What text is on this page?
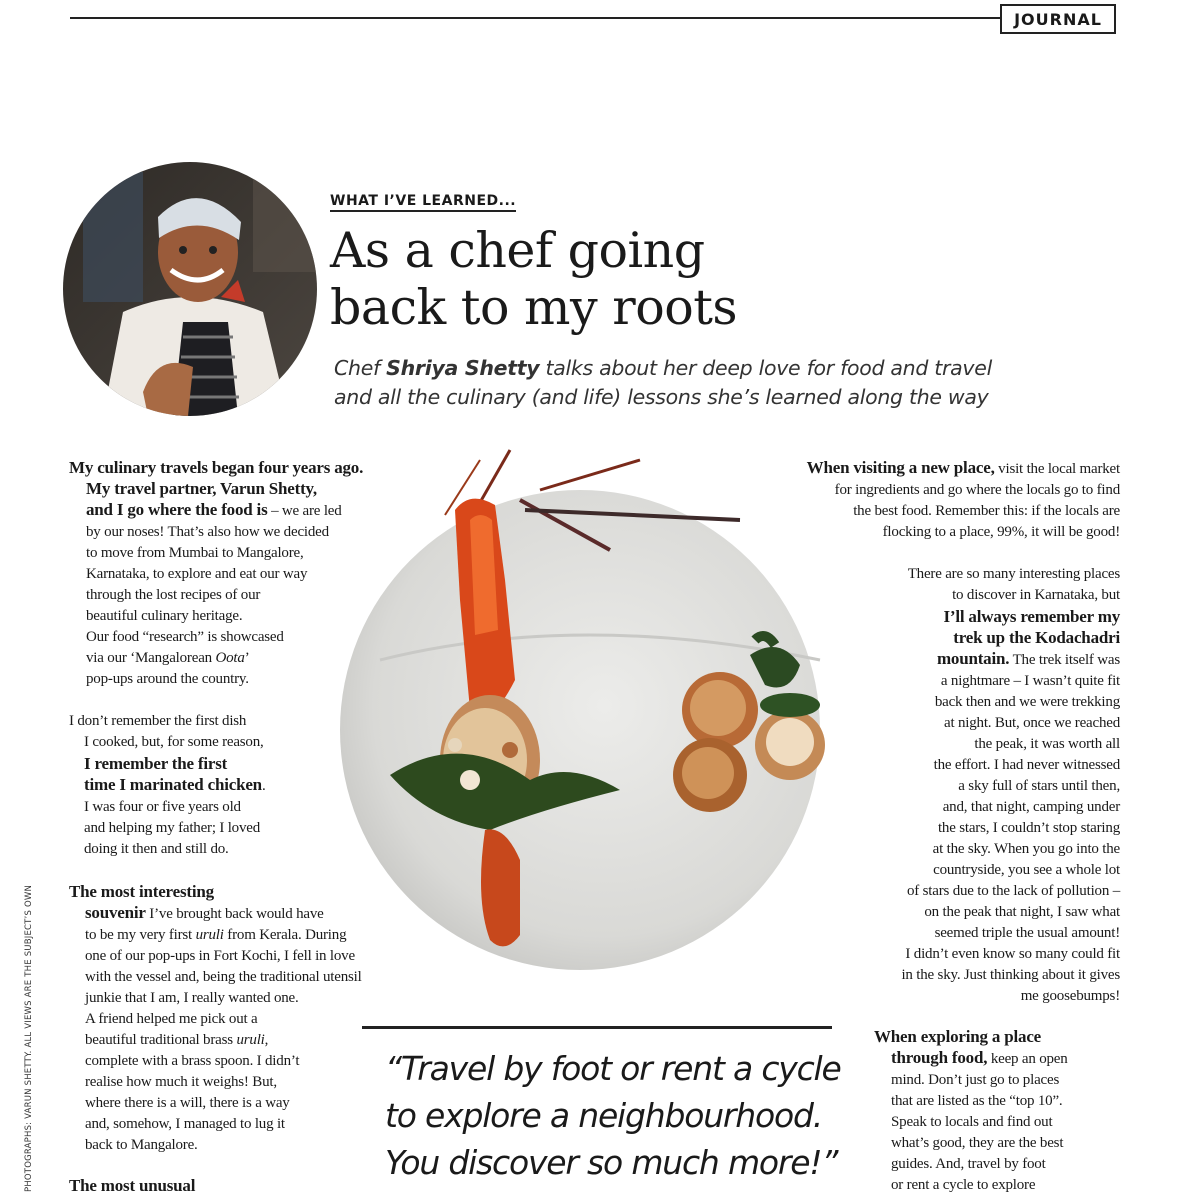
JOURNAL
WHAT I’VE LEARNED...
As a chef going
back to my roots
Chef Shriya Shetty talks about her deep love for food and travel
and all the culinary (and life) lessons she’s learned along the way
My culinary travels began four years ago.
My travel partner, Varun Shetty,
and I go where the food is – we are led
by our noses! That’s also how we decided
to move from Mumbai to Mangalore,
Karnataka, to explore and eat our way
through the lost recipes of our
beautiful culinary heritage.
Our food “research” is showcased
via our ‘Mangalorean Oota’
pop-ups around the country.
I don’t remember the first dish
I cooked, but, for some reason,
I remember the first
time I marinated chicken.
I was four or five years old
and helping my father; I loved
doing it then and still do.
The most interesting
souvenir I’ve brought back would have
to be my very first uruli from Kerala. During
one of our pop-ups in Fort Kochi, I fell in love
with the vessel and, being the traditional utensil
junkie that I am, I really wanted one.
A friend helped me pick out a
beautiful traditional brass uruli,
complete with a brass spoon. I didn’t
realise how much it weighs! But,
where there is a will, there is a way
and, somehow, I managed to lug it
back to Mangalore.
The most unusual
When visiting a new place, visit the local market
for ingredients and go where the locals go to find
the best food. Remember this: if the locals are
flocking to a place, 99%, it will be good!
There are so many interesting places
to discover in Karnataka, but
I’ll always remember my
trek up the Kodachadri
mountain. The trek itself was
a nightmare – I wasn’t quite fit
back then and we were trekking
at night. But, once we reached
the peak, it was worth all
the effort. I had never witnessed
a sky full of stars until then,
and, that night, camping under
the stars, I couldn’t stop staring
at the sky. When you go into the
countryside, you see a whole lot
of stars due to the lack of pollution –
on the peak that night, I saw what
seemed triple the usual amount!
I didn’t even know so many could fit
in the sky. Just thinking about it gives
me goosebumps!
When exploring a place
through food, keep an open
mind. Don’t just go to places
that are listed as the “top 10”.
Speak to locals and find out
what’s good, they are the best
guides. And, travel by foot
or rent a cycle to explore
“Travel by foot or rent a cycle
to explore a neighbourhood.
You discover so much more!”
PHOTOGRAPHS: VARUN SHETTY. ALL VIEWS ARE THE SUBJECT’S OWN
